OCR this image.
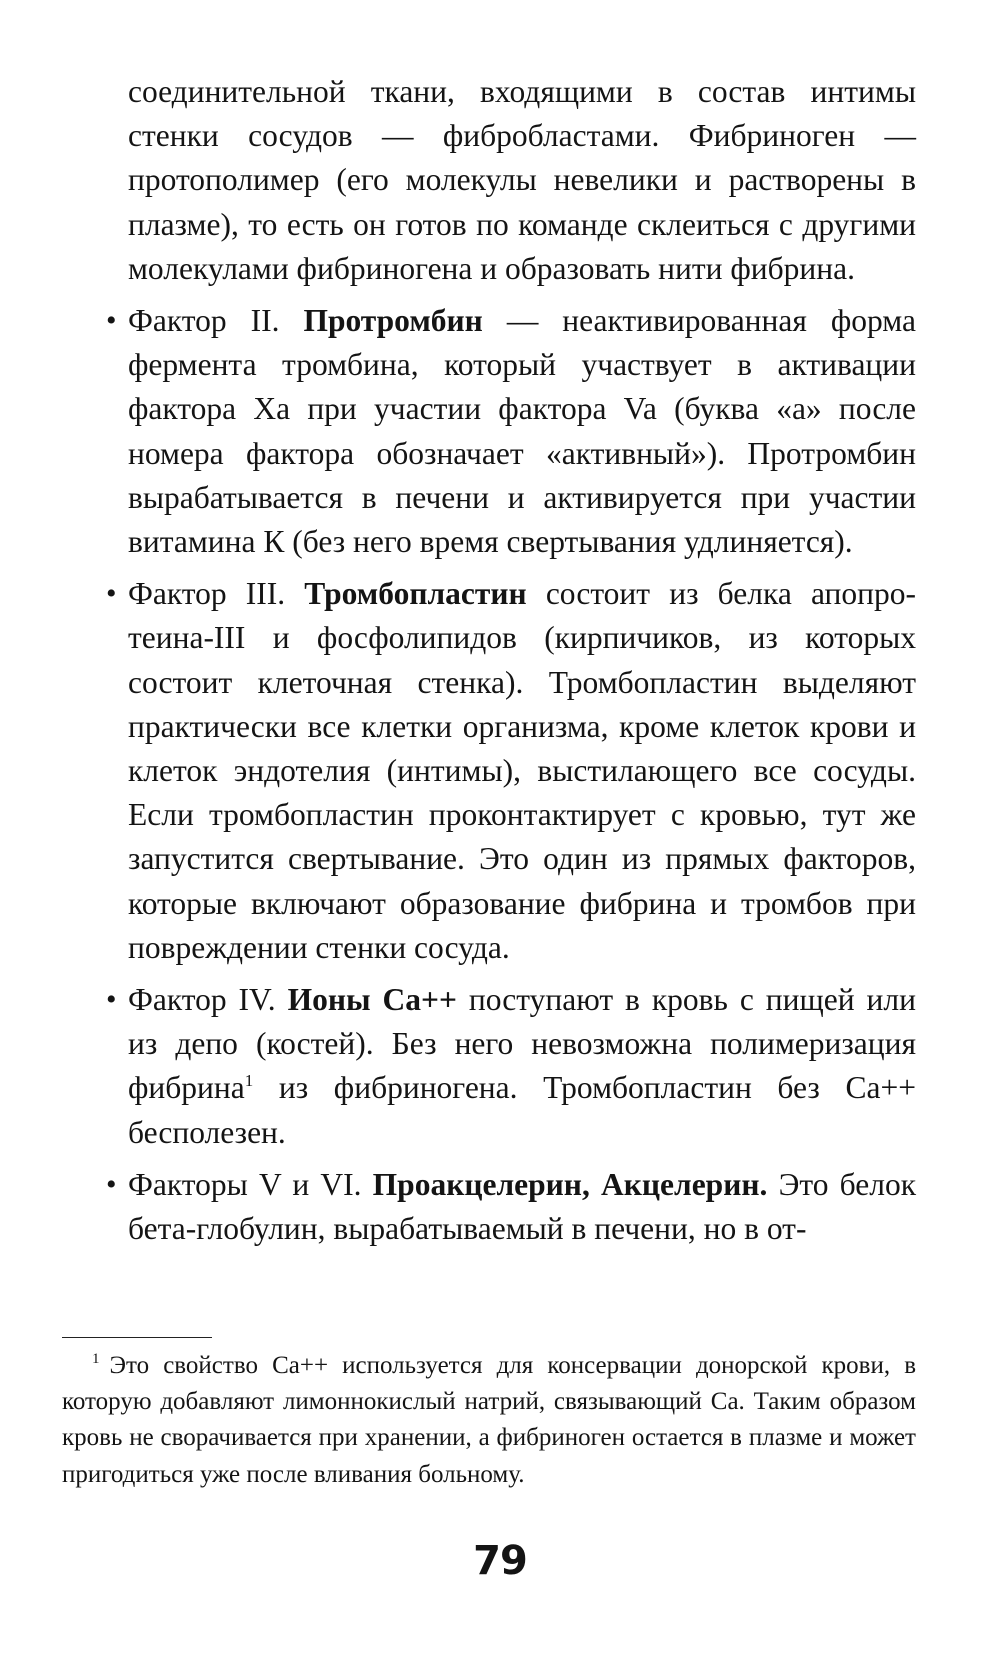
соединительной ткани, входящими в состав интимы стенки сосудов — фибробластами. Фибриноген — протополимер (его молекулы невелики и растворены в плазме), то есть он готов по команде склеиться с другими молекулами фибриногена и образовать нити фибрина.

• Фактор II. Протромбин — неактивированная форма фермента тромбина, который участвует в активации фактора Xa при участии фактора Va (буква «а» после номера фактора обозначает «активный»). Протромбин вырабатывается в печени и активируется при участии витамина К (без него время свертывания удлиняется).
• Фактор III. Тромбопластин состоит из белка апопротеина-III и фосфолипидов (кирпичиков, из которых состоит клеточная стенка). Тромбопластин выделяют практически все клетки организма, кроме клеток крови и клеток эндотелия (интимы), выстилающего все сосуды. Если тромбопластин проконтактирует с кровью, тут же запустится свертывание. Это один из прямых факторов, которые включают образование фибрина и тромбов при повреждении стенки сосуда.
• Фактор IV. Ионы Ca++ поступают в кровь с пищей или из депо (костей). Без него невозможна полимеризация фибрина$^1$ из фибриногена. Тромбопластин без Ca++ бесполезен.
• Факторы V и VI. Проакцелерин, Акцелерин. Это белок бета-глобулин, вырабатываемый в печени, но в от-

$^1$ Это свойство Ca++ используется для консервации донорской крови, в которую добавляют лимоннокислый натрий, связывающий Ca. Таким образом кровь не сворачивается при хранении, а фибриноген остается в плазме и может пригодиться уже после вливания больному.

79
